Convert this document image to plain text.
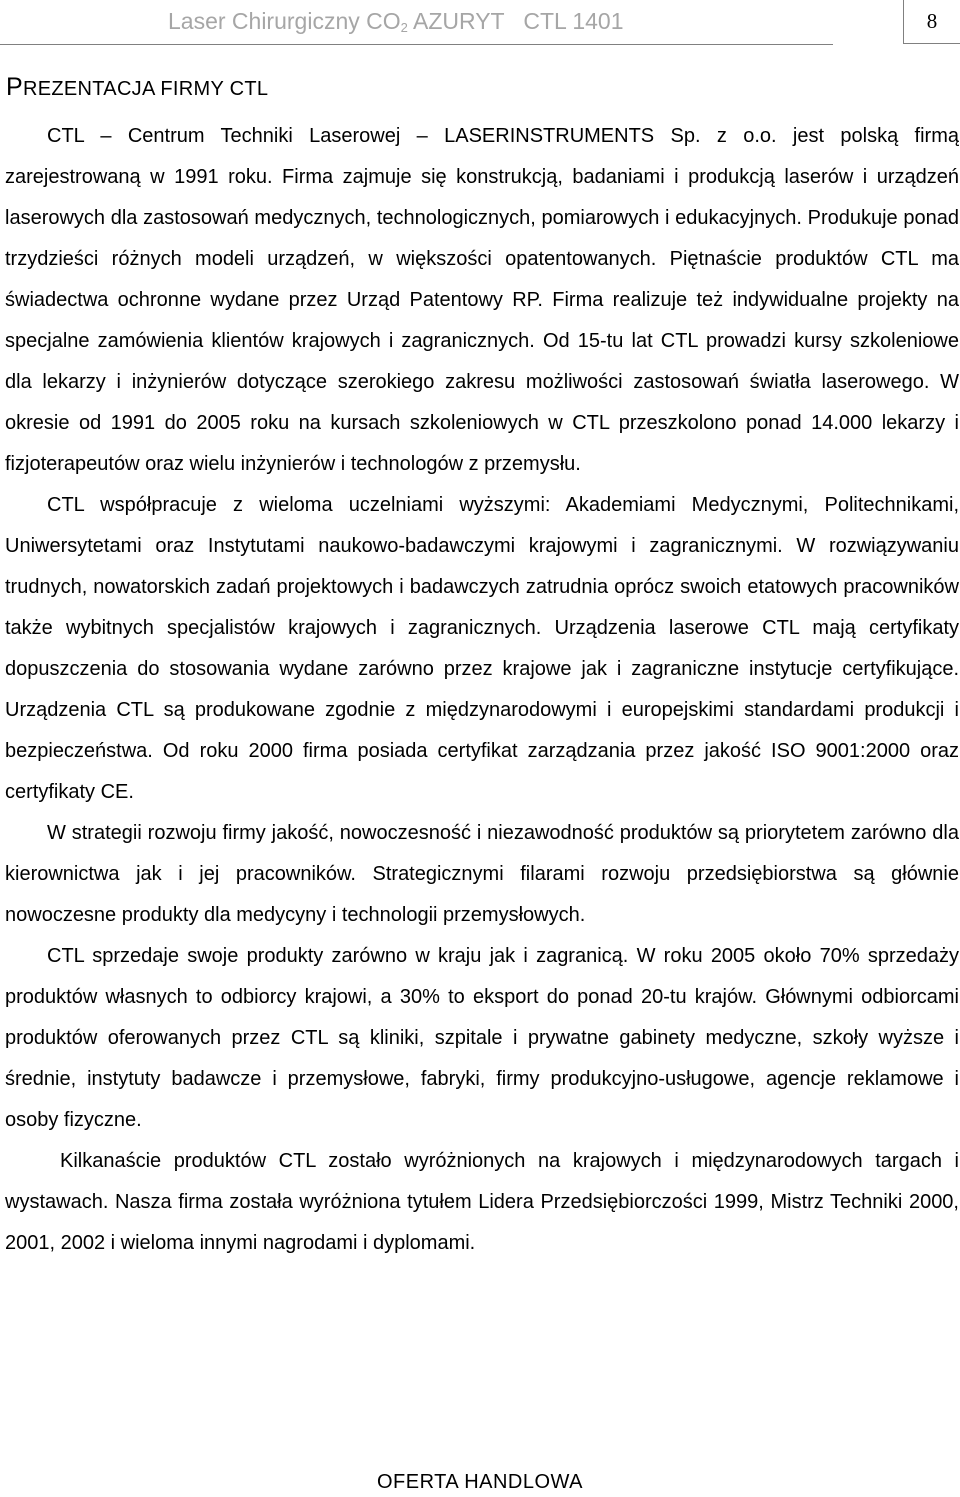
Laser Chirurgiczny $CO_2$ AZURYT   CTL 1401	8
PREZENTACJA FIRMY CTL

CTL – Centrum Techniki Laserowej – LASERINSTRUMENTS Sp. z o.o. jest polską firmą zarejestrowaną w 1991 roku. Firma zajmuje się konstrukcją, badaniami i produkcją laserów i urządzeń laserowych dla zastosowań medycznych, technologicznych, pomiarowych i edukacyjnych. Produkuje ponad trzydzieści różnych modeli urządzeń, w większości opatentowanych. Piętnaście produktów CTL ma świadectwa ochronne wydane przez Urząd Patentowy RP. Firma realizuje też indywidualne projekty na specjalne zamówienia klientów krajowych i zagranicznych. Od 15-tu lat CTL prowadzi kursy szkoleniowe dla lekarzy i inżynierów dotyczące szerokiego zakresu możliwości zastosowań światła laserowego. W okresie od 1991 do 2005 roku na kursach szkoleniowych w CTL przeszkolono ponad 14.000 lekarzy i fizjoterapeutów oraz wielu inżynierów i technologów z przemysłu.

CTL współpracuje z wieloma uczelniami wyższymi: Akademiami Medycznymi, Politechnikami, Uniwersytetami oraz Instytutami naukowo-badawczymi krajowymi i zagranicznymi. W rozwiązywaniu trudnych, nowatorskich zadań projektowych i badawczych zatrudnia oprócz swoich etatowych pracowników także wybitnych specjalistów krajowych i zagranicznych. Urządzenia laserowe CTL mają certyfikaty dopuszczenia do stosowania wydane zarówno przez krajowe jak i zagraniczne instytucje certyfikujące. Urządzenia CTL są produkowane zgodnie z międzynarodowymi i europejskimi standardami produkcji i bezpieczeństwa. Od roku 2000 firma posiada certyfikat zarządzania przez jakość ISO 9001:2000 oraz certyfikaty CE.

W strategii rozwoju firmy jakość, nowoczesność i niezawodność produktów są priorytetem zarówno dla kierownictwa jak i jej pracowników. Strategicznymi filarami rozwoju przedsiębiorstwa są głównie nowoczesne produkty dla medycyny i technologii przemysłowych.

CTL sprzedaje swoje produkty zarówno w kraju jak i zagranicą. W roku 2005 około 70% sprzedaży produktów własnych to odbiorcy krajowi, a 30% to eksport do ponad 20-tu krajów. Głównymi odbiorcami produktów oferowanych przez CTL są kliniki, szpitale i prywatne gabinety medyczne, szkoły wyższe i średnie, instytuty badawcze i przemysłowe, fabryki, firmy produkcyjno-usługowe, agencje reklamowe i osoby fizyczne.

Kilkanaście produktów CTL zostało wyróżnionych na krajowych i międzynarodowych targach i wystawach. Nasza firma została wyróżniona tytułem Lidera Przedsiębiorczości 1999, Mistrz Techniki 2000, 2001, 2002 i wieloma innymi nagrodami i dyplomami.

OFERTA HANDLOWA
